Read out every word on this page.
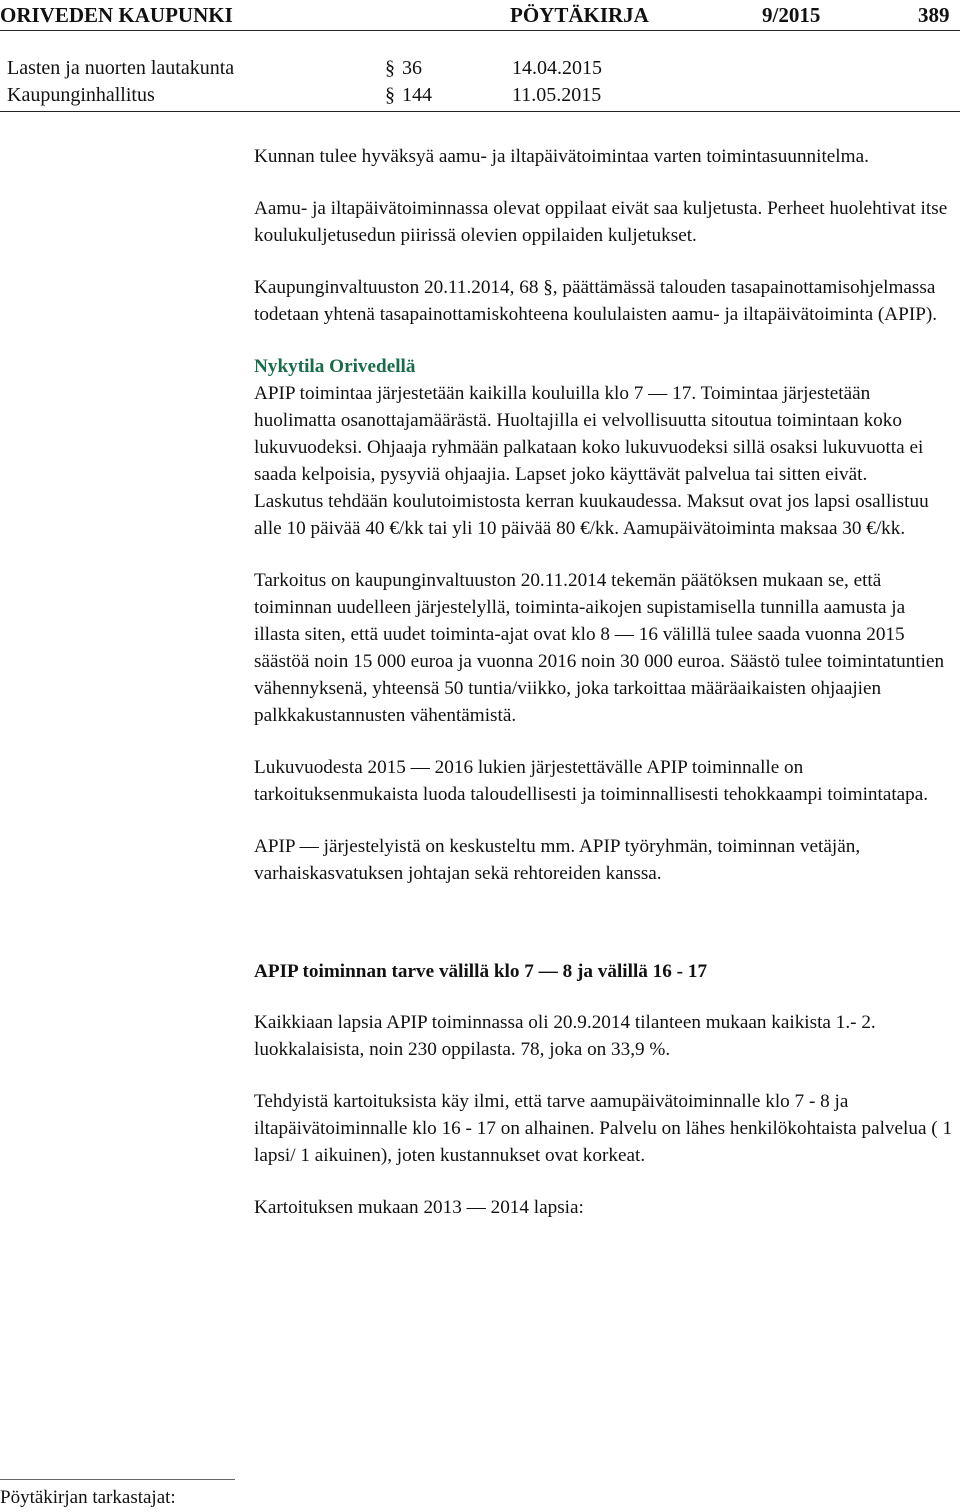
ORIVEDEN KAUPUNKI	PÖYTÄKIRJA	9/2015	389
Lasten ja nuorten lautakunta	§ 36	14.04.2015
Kaupunginhallitus	§ 144	11.05.2015

Kunnan tulee hyväksyä aamu- ja iltapäivätoimintaa varten toimintasuunnitelma.

Aamu- ja iltapäivätoiminnassa olevat oppilaat eivät saa kuljetusta. Perheet huolehtivat itse koulukuljetusedun piirissä olevien oppilaiden kuljetukset.

Kaupunginvaltuuston 20.11.2014, 68 §, päättämässä talouden tasapainottamisohjelmassa todetaan yhtenä tasapainottamiskohteena koululaisten aamu- ja iltapäivätoiminta (APIP).

Nykytila Orivedellä

APIP toimintaa järjestetään kaikilla kouluilla klo 7 — 17. Toimintaa järjestetään huolimatta osanottajamäärästä. Huoltajilla ei velvollisuutta sitoutua toimintaan koko lukuvuodeksi. Ohjaaja ryhmään palkataan koko lukuvuodeksi sillä osaksi lukuvuotta ei saada kelpoisia, pysyviä ohjaajia. Lapset joko käyttävät palvelua tai sitten eivät.

Laskutus tehdään koulutoimistosta kerran kuukaudessa. Maksut ovat jos lapsi osallistuu alle 10 päivää 40 €/kk tai yli 10 päivää 80 €/kk. Aamupäivätoiminta maksaa 30 €/kk.

Tarkoitus on kaupunginvaltuuston 20.11.2014 tekemän päätöksen mukaan se, että toiminnan uudelleen järjestelyllä, toiminta-aikojen supistamisella tunnilla aamusta ja illasta siten, että uudet toiminta-ajat ovat klo 8 — 16 välillä tulee saada vuonna 2015 säästöä noin 15 000 euroa ja vuonna 2016 noin 30 000 euroa. Säästö tulee toimintatuntien vähennyksenä, yhteensä 50 tuntia/viikko, joka tarkoittaa määräaikaisten ohjaajien palkkakustannusten vähentämistä.

Lukuvuodesta 2015 — 2016 lukien järjestettävälle APIP toiminnalle on tarkoituksenmukaista luoda taloudellisesti ja toiminnallisesti tehokkaampi toimintatapa.

APIP — järjestelyistä on keskusteltu mm. APIP työryhmän, toiminnan vetäjän, varhaiskasvatuksen johtajan sekä rehtoreiden kanssa.

APIP toiminnan tarve välillä klo 7 — 8 ja välillä 16 - 17

Kaikkiaan lapsia APIP toiminnassa oli 20.9.2014 tilanteen mukaan kaikista 1.- 2. luokkalaisista, noin 230 oppilasta. 78, joka on 33,9 %.

Tehdyistä kartoituksista käy ilmi, että tarve aamupäivätoiminnalle klo 7 - 8 ja iltapäivätoiminnalle klo 16 - 17 on alhainen. Palvelu on lähes henkilökohtaista palvelua ( 1 lapsi/ 1 aikuinen), joten kustannukset ovat korkeat.

Kartoituksen mukaan 2013 — 2014 lapsia:

Pöytäkirjan tarkastajat:
